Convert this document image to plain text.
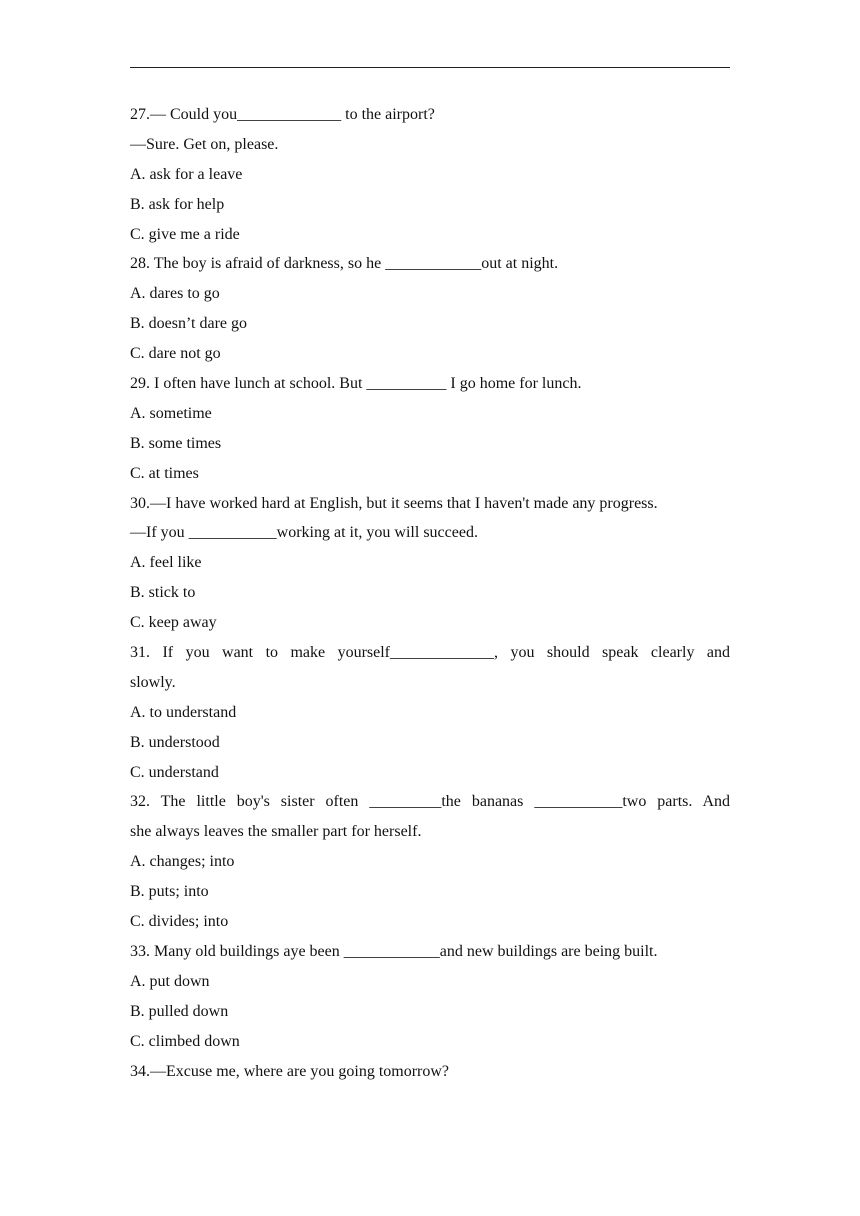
27.— Could you_____________ to the airport?
—Sure. Get on, please.
A. ask for a leave
B. ask for help
C. give me a ride
28. The boy is afraid of darkness, so he ____________out at night.
A. dares to go
B. doesn’t dare go
C. dare not go
29. I often have lunch at school. But __________ I go home for lunch.
A. sometime
B. some times
C. at times
30.—I have worked hard at English, but it seems that I haven't made any progress.
—If you ___________working at it, you will succeed.
A. feel like
B. stick to
C. keep away
31. If you want to make yourself_____________, you should speak clearly and
slowly.
A. to understand
B. understood
C. understand
32. The little boy's sister often _________the bananas ___________two parts. And
she always leaves the smaller part for herself.
A. changes; into
B. puts; into
C. divides; into
33. Many old buildings aye been ____________and new buildings are being built.
A. put down
B. pulled down
C. climbed down
34.—Excuse me, where are you going tomorrow?
